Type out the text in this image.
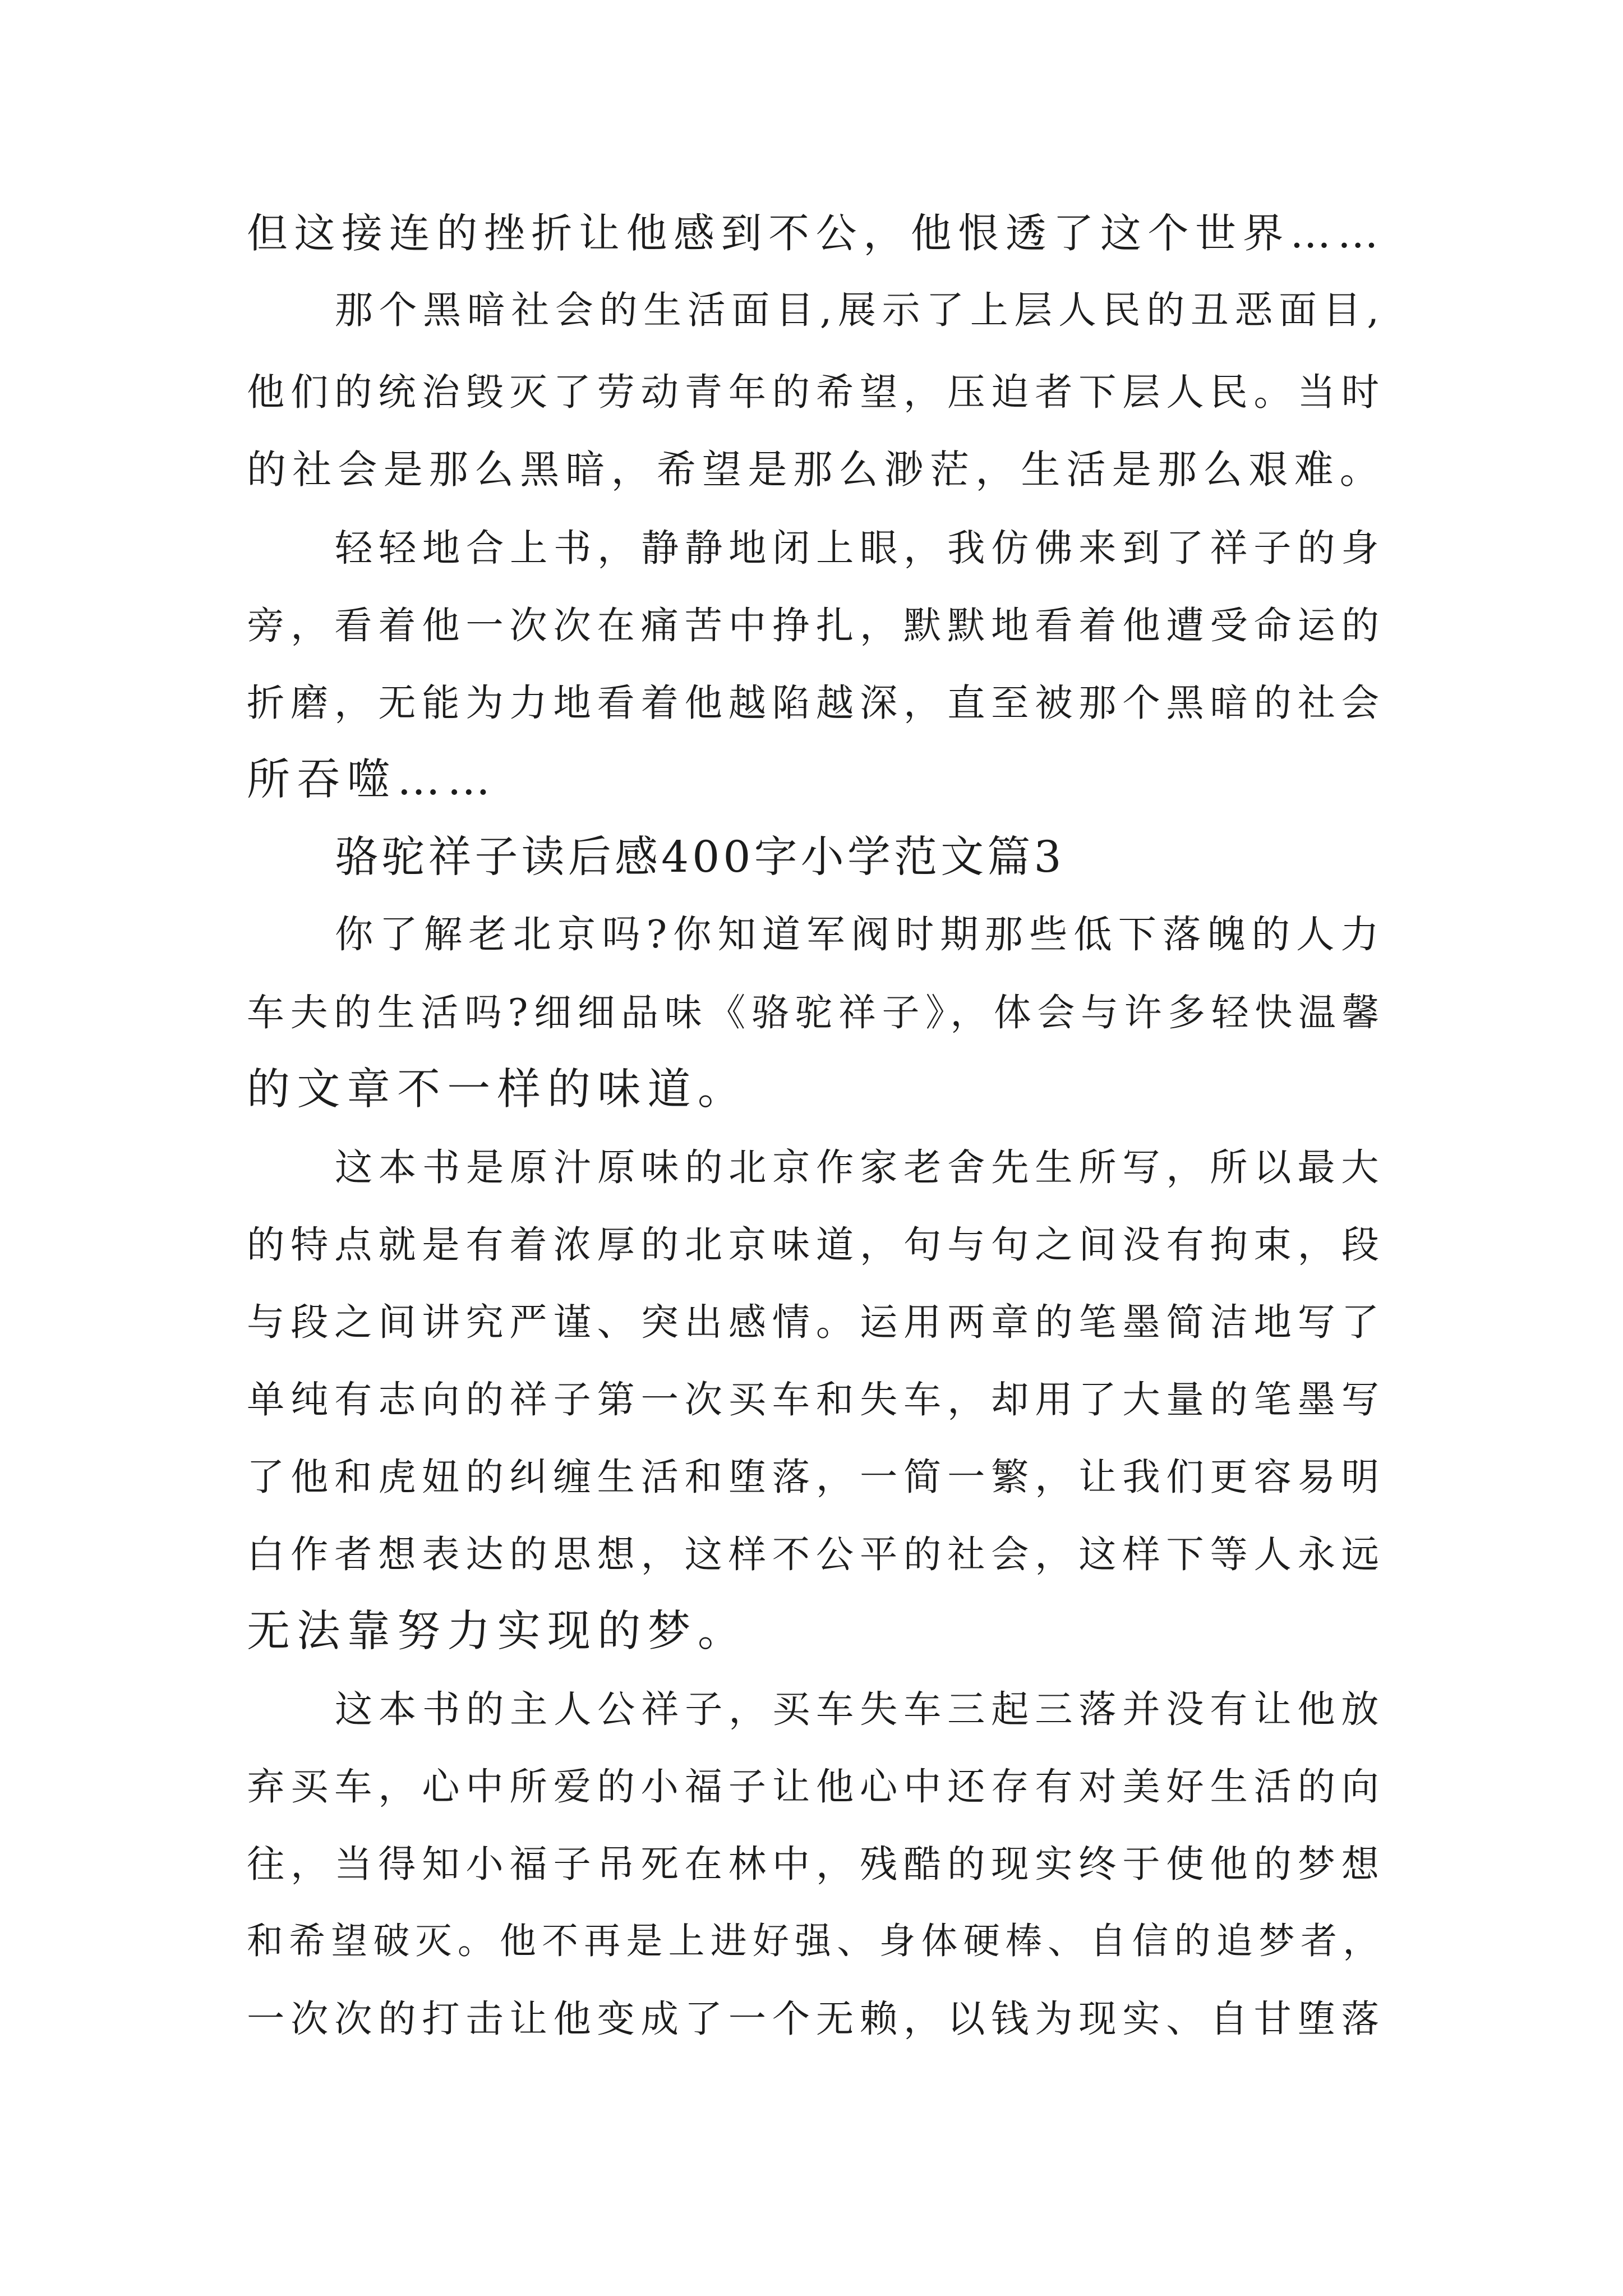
但这接连的挫折让他感到不公，他恨透了这个世界……
那个黑暗社会的生活面目,展示了上层人民的丑恶面目,
他们的统治毁灭了劳动青年的希望，压迫者下层人民。当时
的社会是那么黑暗，希望是那么渺茫，生活是那么艰难。
轻轻地合上书，静静地闭上眼，我仿佛来到了祥子的身
旁，看着他一次次在痛苦中挣扎，默默地看着他遭受命运的
折磨，无能为力地看着他越陷越深，直至被那个黑暗的社会
所吞噬……
骆驼祥子读后感400字小学范文篇3
你了解老北京吗?你知道军阀时期那些低下落魄的人力
车夫的生活吗?细细品味《骆驼祥子》，体会与许多轻快温馨
的文章不一样的味道。
这本书是原汁原味的北京作家老舍先生所写，所以最大
的特点就是有着浓厚的北京味道，句与句之间没有拘束，段
与段之间讲究严谨、突出感情。运用两章的笔墨简洁地写了
单纯有志向的祥子第一次买车和失车，却用了大量的笔墨写
了他和虎妞的纠缠生活和堕落，一简一繁，让我们更容易明
白作者想表达的思想，这样不公平的社会，这样下等人永远
无法靠努力实现的梦。
这本书的主人公祥子，买车失车三起三落并没有让他放
弃买车，心中所爱的小福子让他心中还存有对美好生活的向
往，当得知小福子吊死在林中，残酷的现实终于使他的梦想
和希望破灭。他不再是上进好强、身体硬棒、自信的追梦者，
一次次的打击让他变成了一个无赖，以钱为现实、自甘堕落
